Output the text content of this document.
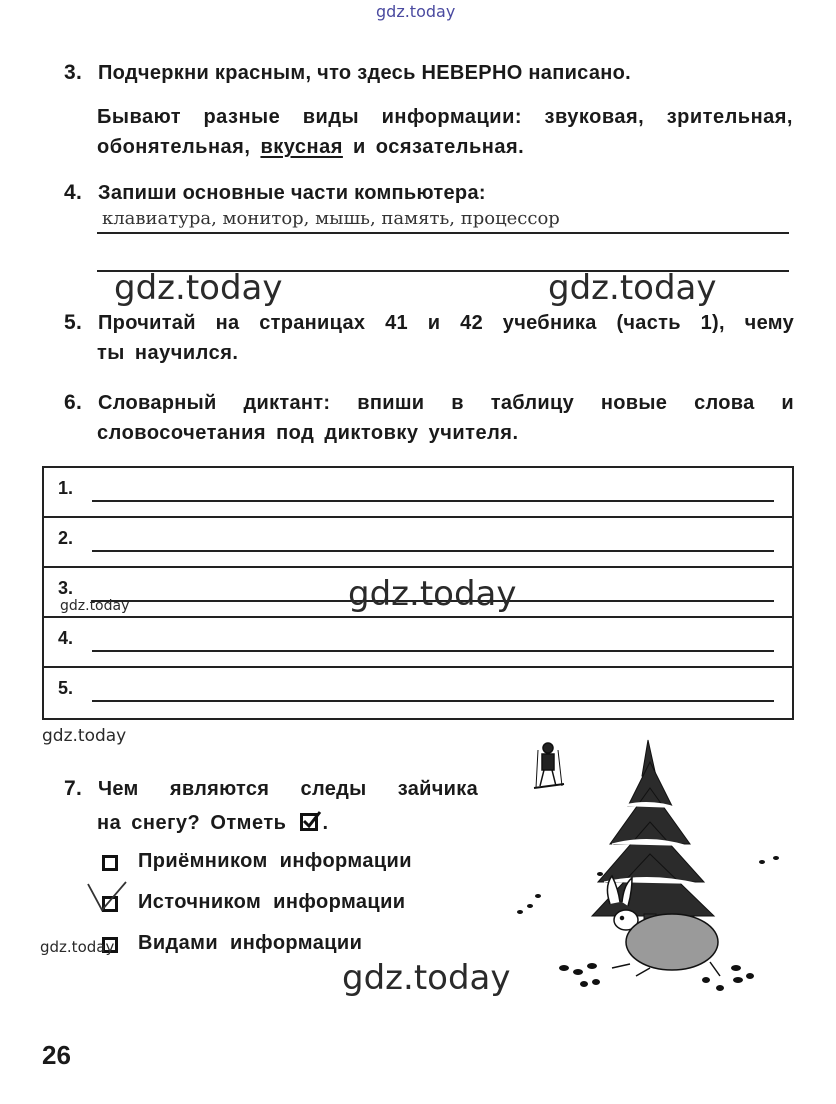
gdz.today
3. Подчеркни красным, что здесь НЕВЕРНО написано.
Бывают разные виды информации: звуковая, зрительная,
обонятельная, вкусная и осязательная.
4. Запиши основные части компьютера:
клавиатура, монитор, мышь, память, процессор
gdz.today	gdz.today
5. Прочитай на страницах 41 и 42 учебника (часть 1), чему
ты научился.
6. Словарный диктант: впиши в таблицу новые слова и
словосочетания под диктовку учителя.
1.
2.
3.
4.
5.
gdz.today
gdz.today
gdz.today
7. Чем являются следы зайчика
на снегу? Отметь .
Приёмником информации
Источником информации
Видами информации
gdz.today
gdz.today
26
